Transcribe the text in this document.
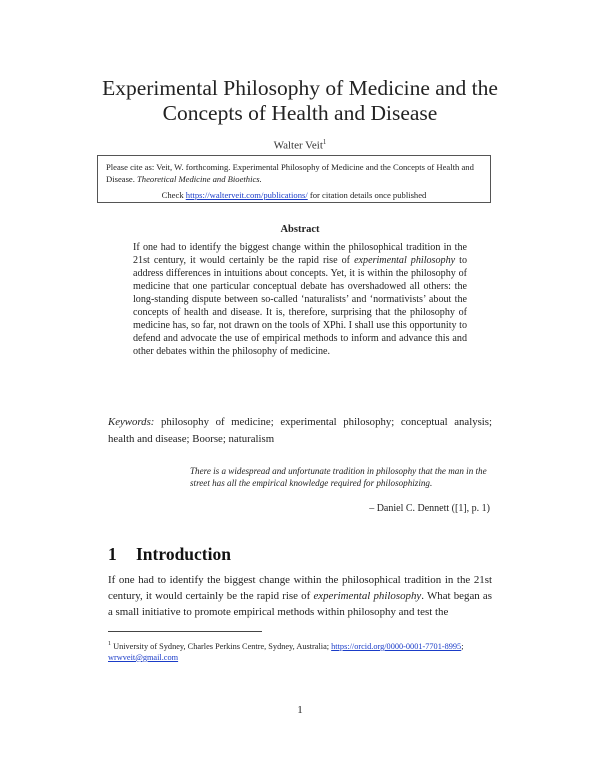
Experimental Philosophy of Medicine and the Concepts of Health and Disease
Walter Veit$^1$
Please cite as: Veit, W. forthcoming. Experimental Philosophy of Medicine and the Concepts of Health and Disease. Theoretical Medicine and Bioethics.
Check https://walterveit.com/publications/ for citation details once published
Abstract

If one had to identify the biggest change within the philosophical tradition in the 21st century, it would certainly be the rapid rise of experimental philosophy to address differences in intuitions about concepts. Yet, it is within the philosophy of medicine that one particular conceptual debate has overshadowed all others: the long-standing dispute between so-called ‘naturalists’ and ‘normativists’ about the concepts of health and disease. It is, therefore, surprising that the philosophy of medicine has, so far, not drawn on the tools of XPhi. I shall use this opportunity to defend and advocate the use of empirical methods to inform and advance this and other debates within the philosophy of medicine.

Keywords: philosophy of medicine; experimental philosophy; conceptual analysis; health and disease; Boorse; naturalism

There is a widespread and unfortunate tradition in philosophy that the man in the street has all the empirical knowledge required for philosophizing.

– Daniel C. Dennett ([1], p. 1)
1 Introduction

If one had to identify the biggest change within the philosophical tradition in the 21st century, it would certainly be the rapid rise of experimental philosophy. What began as a small initiative to promote empirical methods within philosophy and test the

$^1$ University of Sydney, Charles Perkins Centre, Sydney, Australia; https://orcid.org/0000-0001-7701-8995; wrwveit@gmail.com

1
